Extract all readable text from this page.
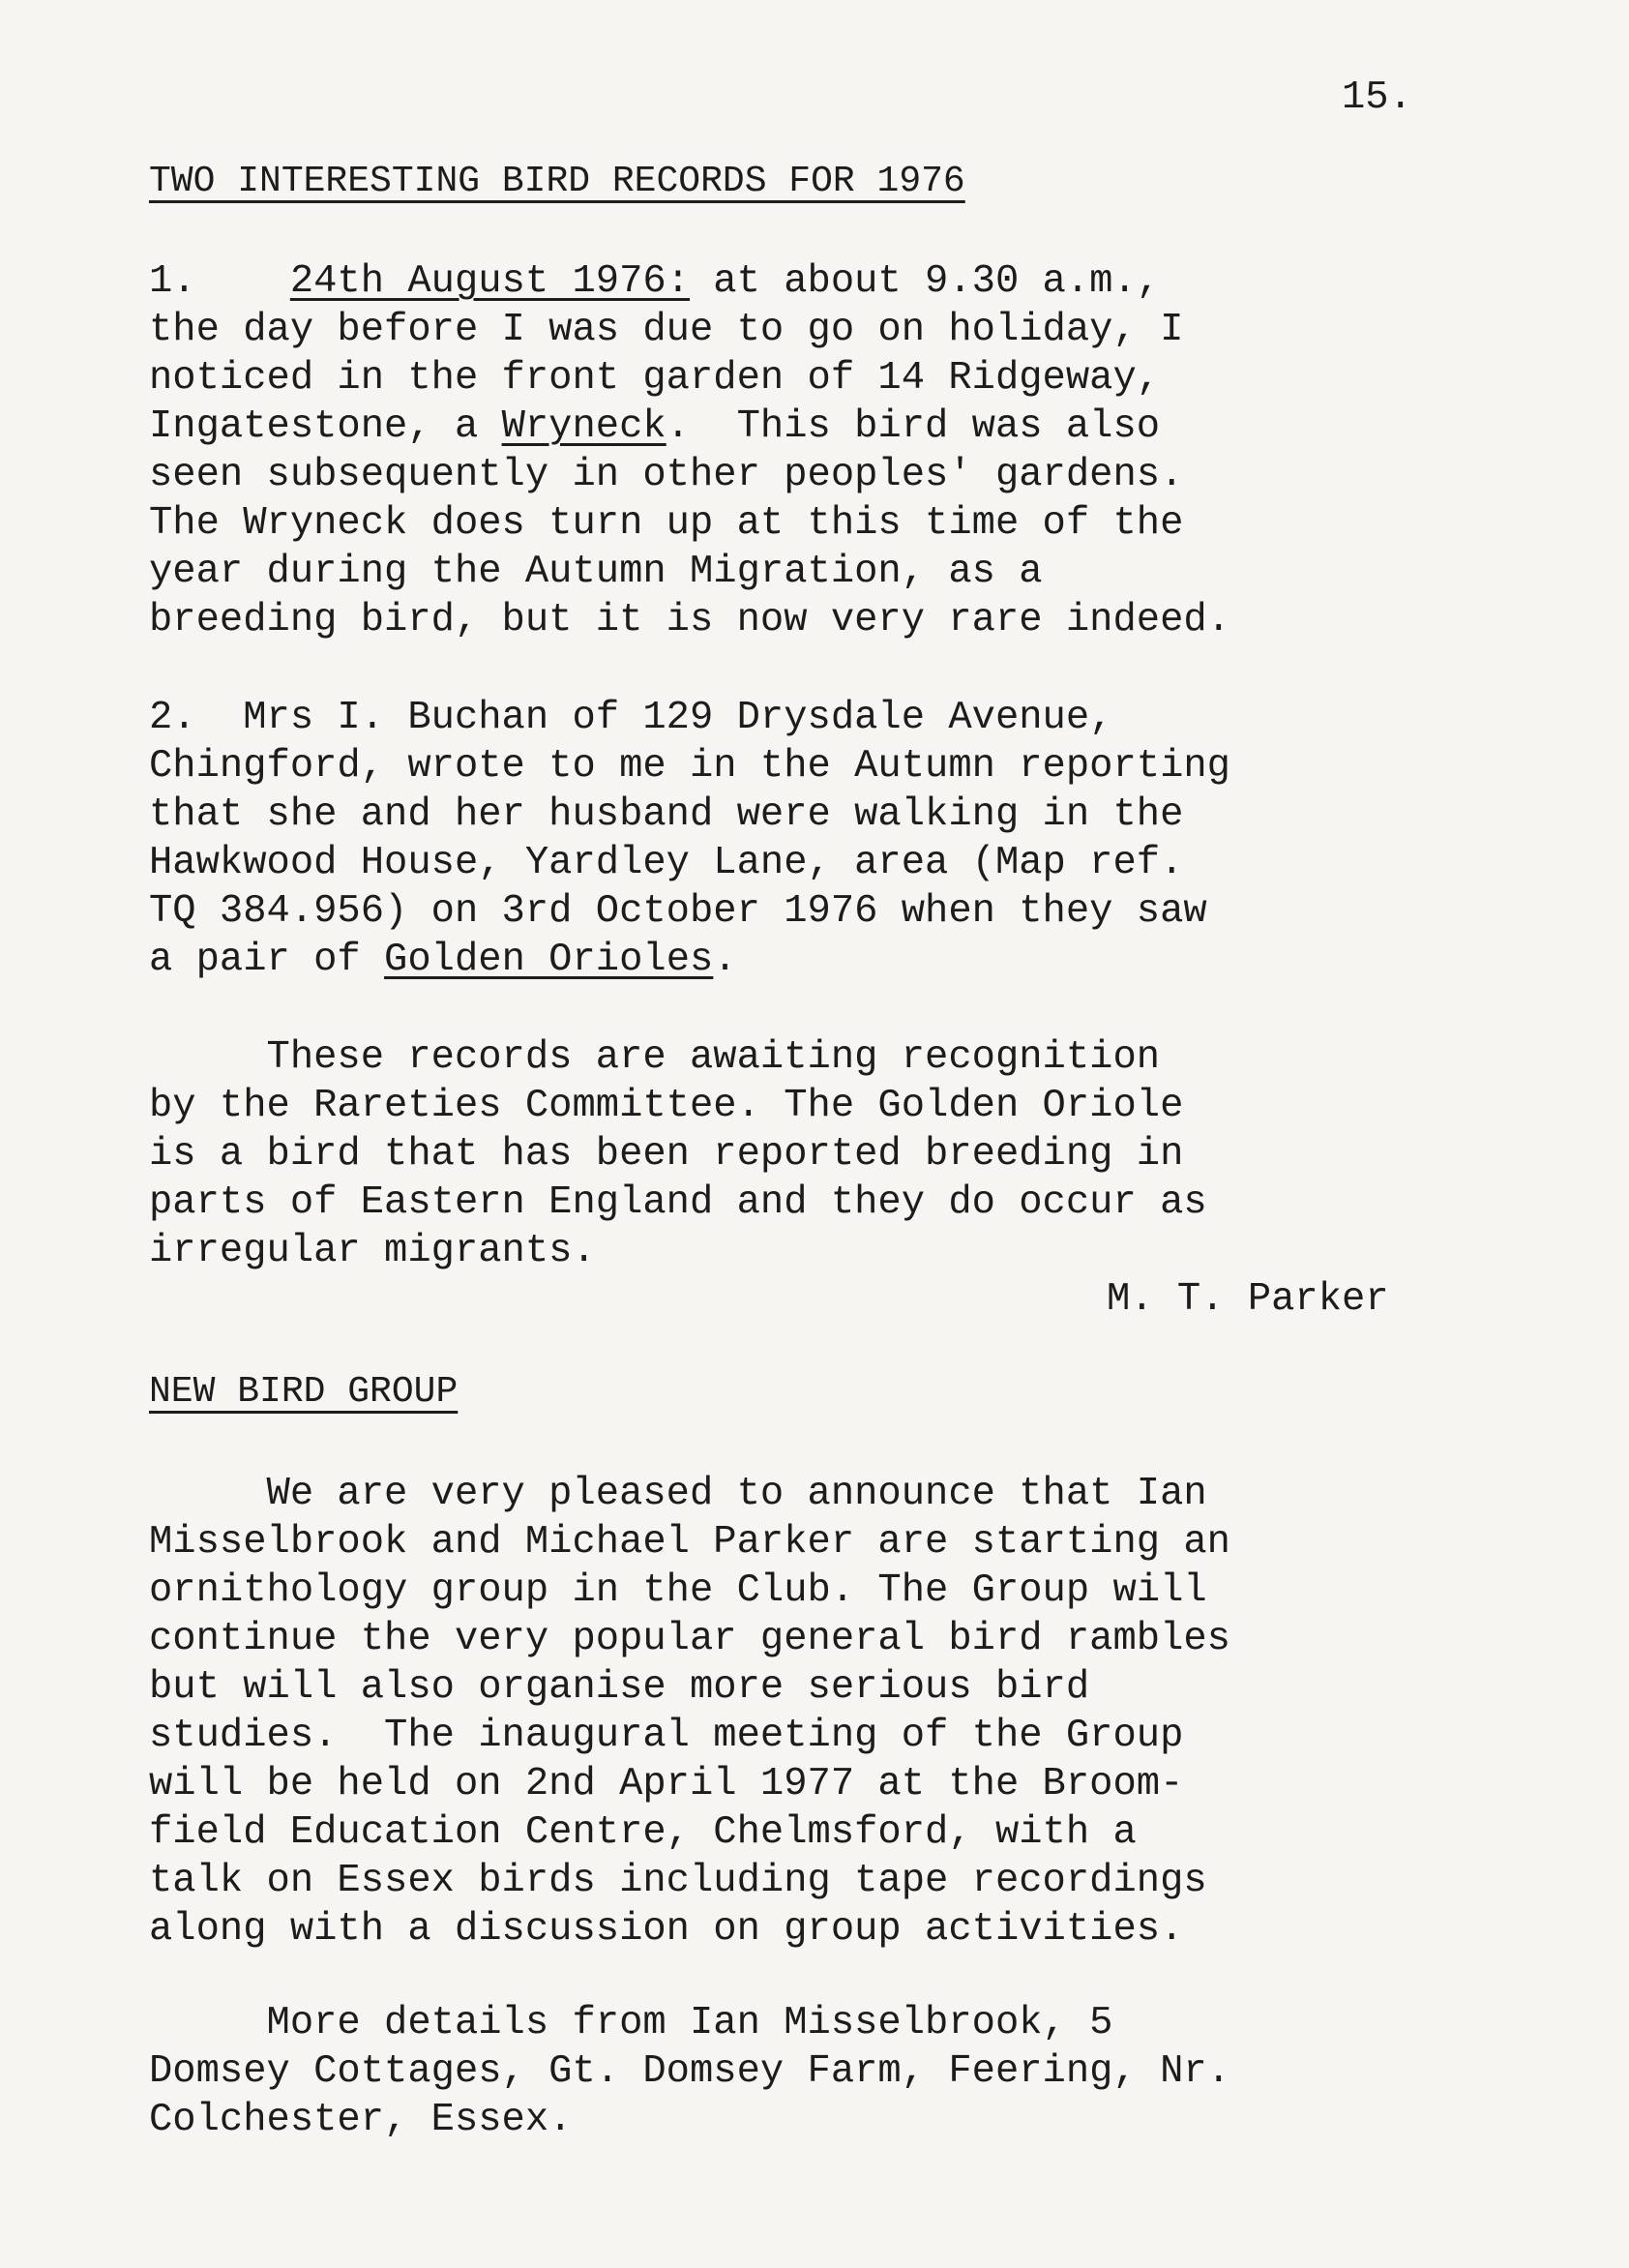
15.

TWO INTERESTING BIRD RECORDS FOR 1976

1. 24th August 1976: at about 9.30 a.m.,

the day before I was due to go on holiday, I

noticed in the front garden of 14 Ridgeway,

Ingatestone, a Wryneck.  This bird was also

seen subsequently in other peoples' gardens.

The Wryneck does turn up at this time of the

year during the Autumn Migration, as a

breeding bird, but it is now very rare indeed.

2.  Mrs I. Buchan of 129 Drysdale Avenue,

Chingford, wrote to me in the Autumn reporting

that she and her husband were walking in the

Hawkwood House, Yardley Lane, area (Map ref.

TQ 384.956) on 3rd October 1976 when they saw

a pair of Golden Orioles.

These records are awaiting recognition

by the Rareties Committee. The Golden Oriole

is a bird that has been reported breeding in

parts of Eastern England and they do occur as

irregular migrants.

M. T. Parker

NEW BIRD GROUP

We are very pleased to announce that Ian

Misselbrook and Michael Parker are starting an

ornithology group in the Club. The Group will

continue the very popular general bird rambles

but will also organise more serious bird

studies.  The inaugural meeting of the Group

will be held on 2nd April 1977 at the Broom-

field Education Centre, Chelmsford, with a

talk on Essex birds including tape recordings

along with a discussion on group activities.

More details from Ian Misselbrook, 5

Domsey Cottages, Gt. Domsey Farm, Feering, Nr.

Colchester, Essex.
